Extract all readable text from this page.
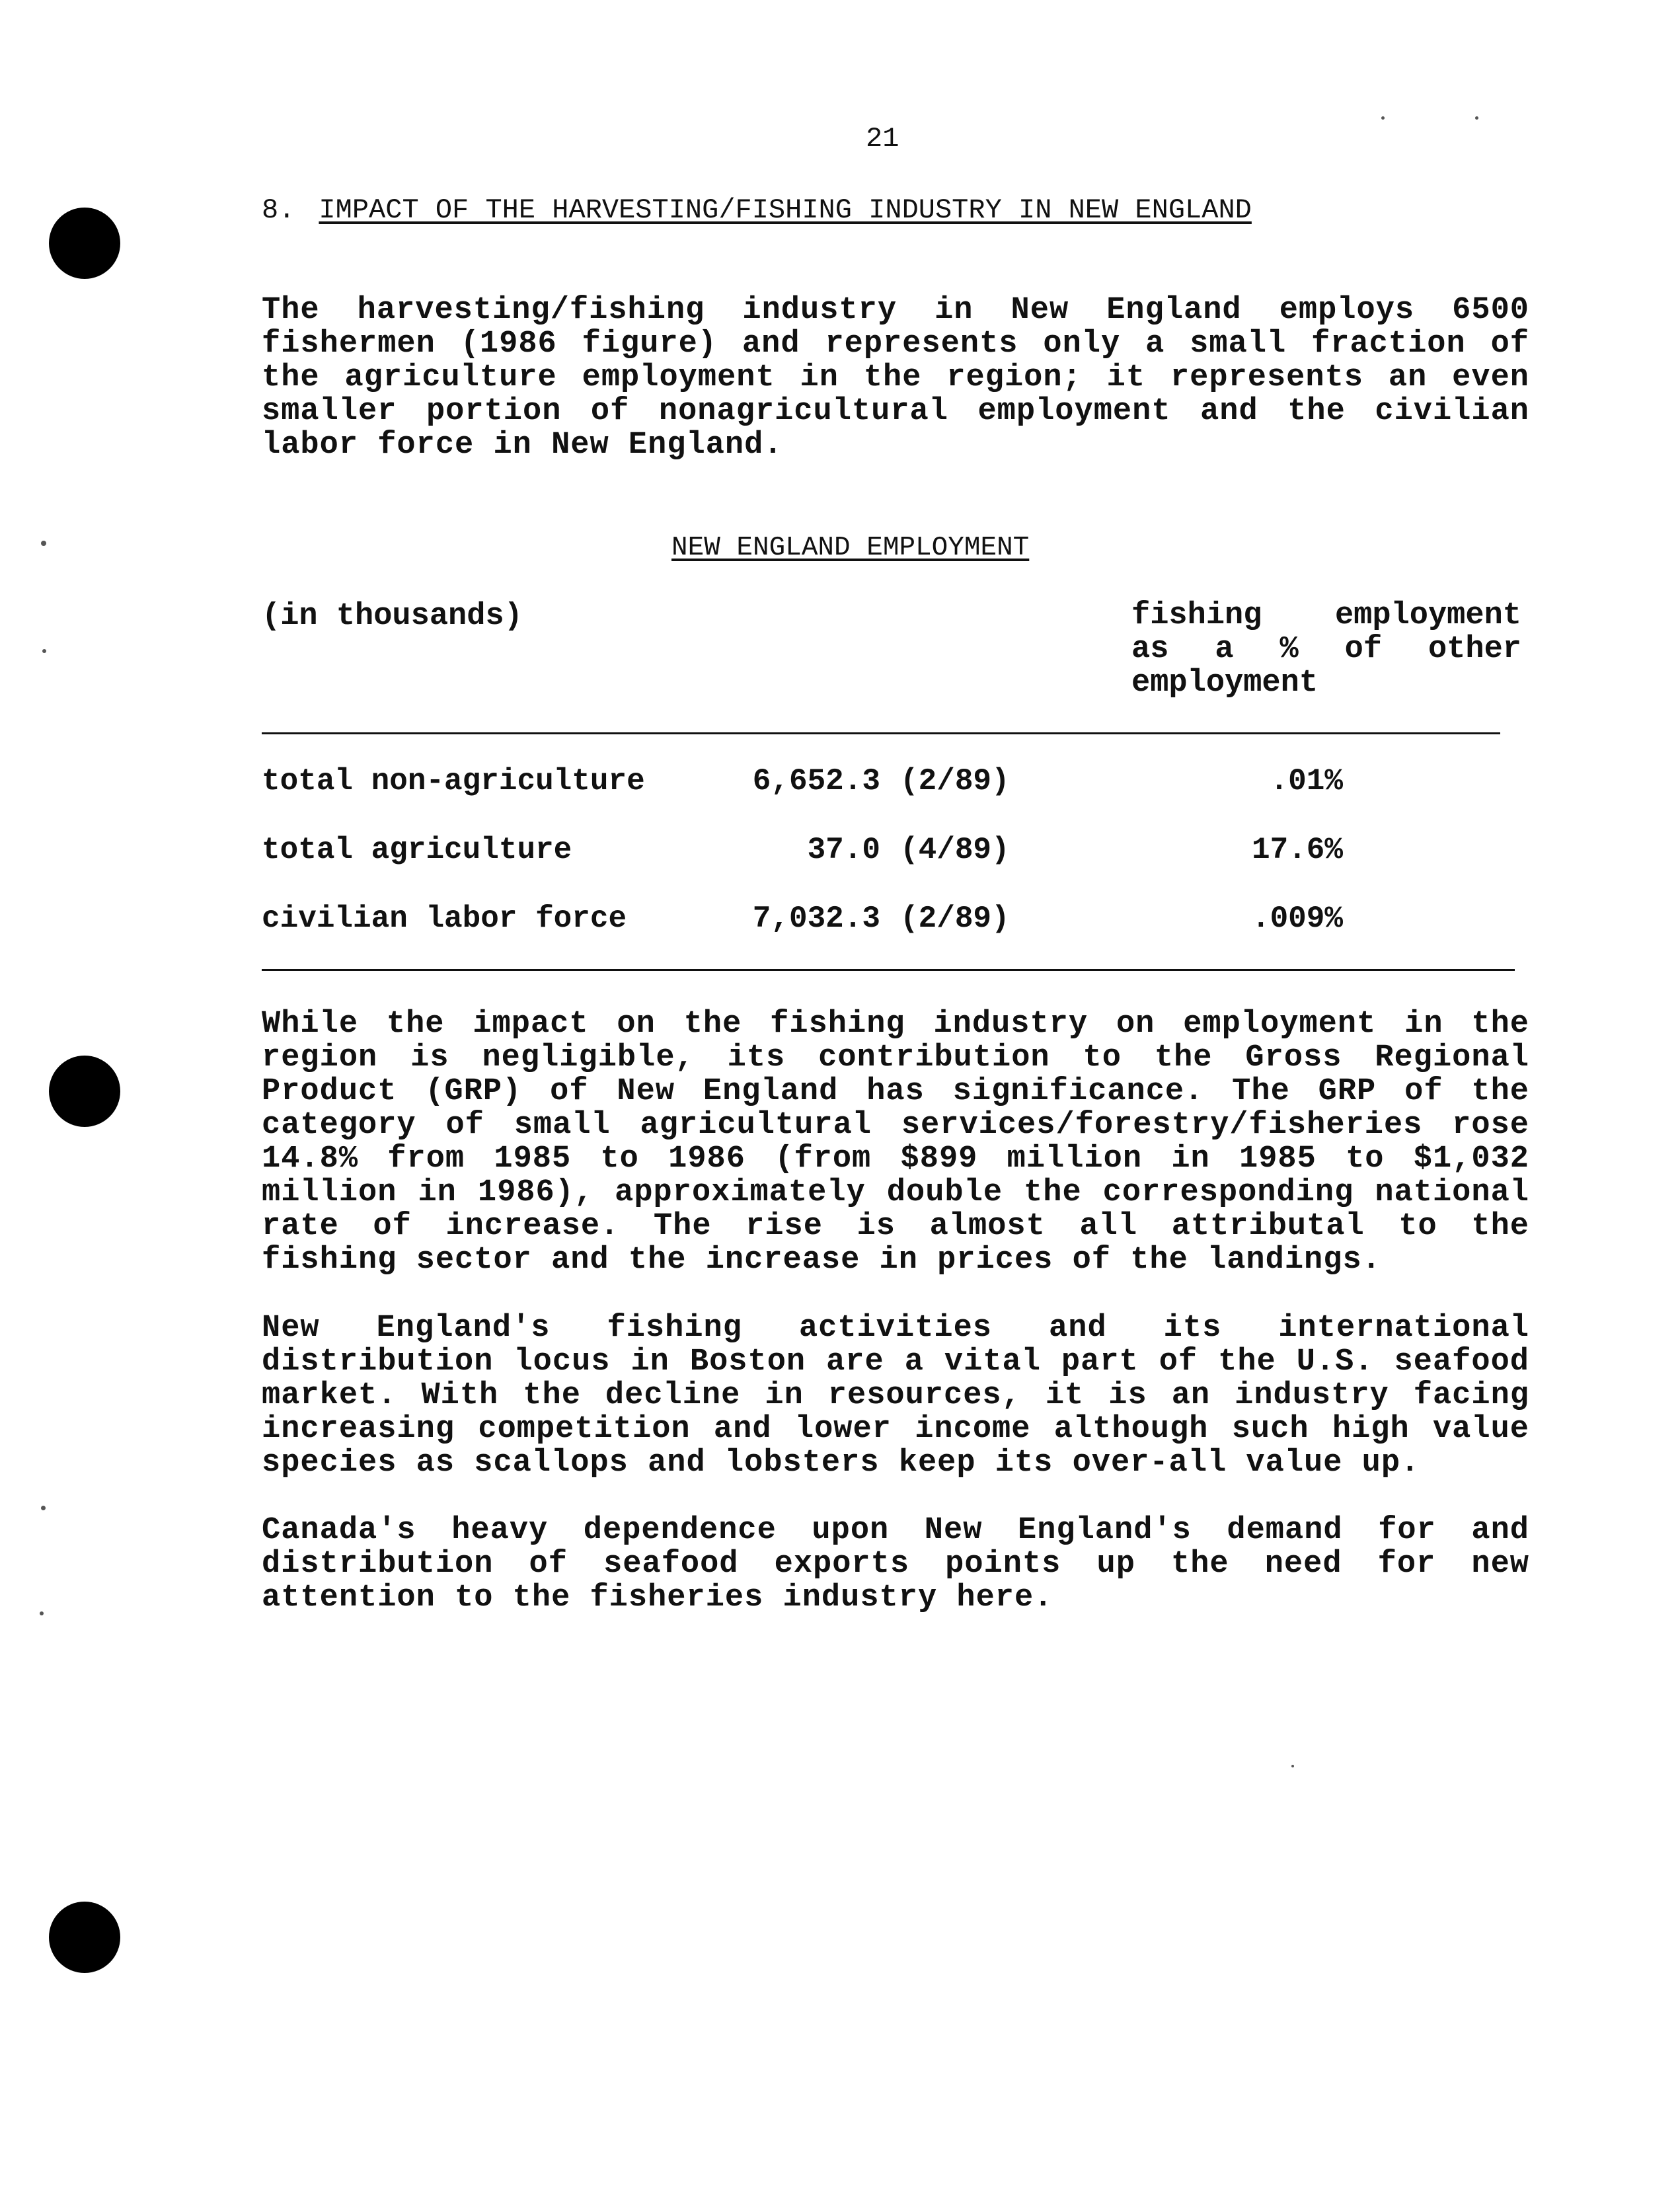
21
8. IMPACT OF THE HARVESTING/FISHING INDUSTRY IN NEW ENGLAND

The harvesting/fishing industry in New England employs 6500 fishermen (1986 figure) and represents only a small fraction of the agriculture employment in the region; it represents an even smaller portion of nonagricultural employment and the civilian labor force in New England.

NEW ENGLAND EMPLOYMENT
(in thousands)	fishing employment as a % of other employment

total non-agriculture	6,652.3 (2/89)	.01%
total agriculture	37.0 (4/89)	17.6%
civilian labor force	7,032.3 (2/89)	.009%

While the impact on the fishing industry on employment in the region is negligible, its contribution to the Gross Regional Product (GRP) of New England has significance. The GRP of the category of small agricultural services/forestry/fisheries rose 14.8% from 1985 to 1986 (from $899 million in 1985 to $1,032 million in 1986), approximately double the corresponding national rate of increase. The rise is almost all attributal to the fishing sector and the increase in prices of the landings.

New England's fishing activities and its international distribution locus in Boston are a vital part of the U.S. seafood market. With the decline in resources, it is an industry facing increasing competition and lower income although such high value species as scallops and lobsters keep its over-all value up.

Canada's heavy dependence upon New England's demand for and distribution of seafood exports points up the need for new attention to the fisheries industry here.
